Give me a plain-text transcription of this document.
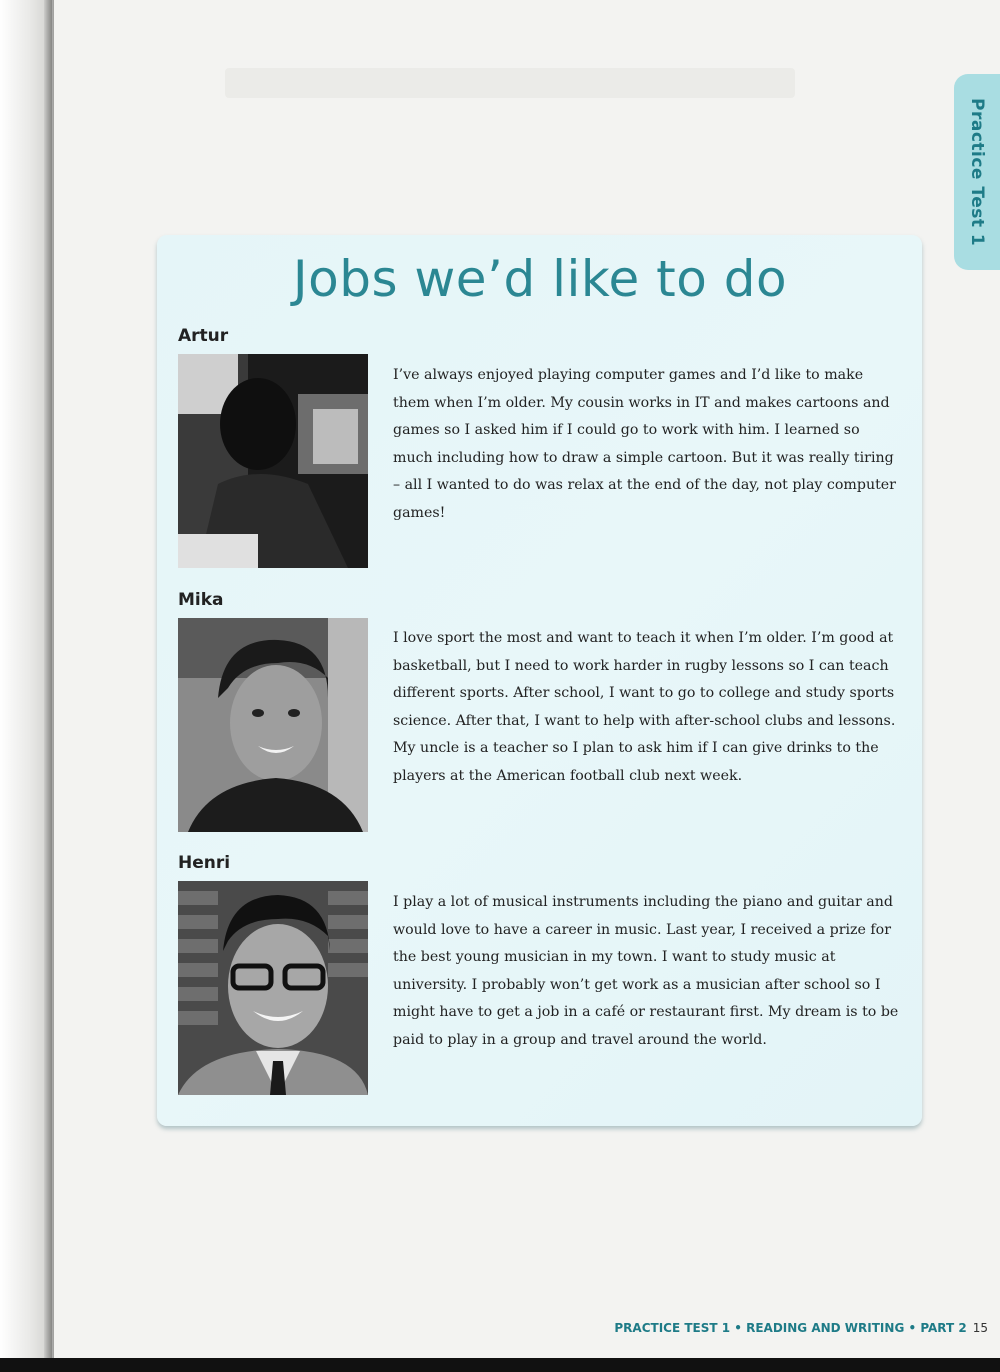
Practice Test 1
Jobs we’d like to do
Artur

I’ve always enjoyed playing computer games and I’d like to make them when I’m older. My cousin works in IT and makes cartoons and games so I asked him if I could go to work with him. I learned so much including how to draw a simple cartoon. But it was really tiring – all I wanted to do was relax at the end of the day, not play computer games!

Mika

I love sport the most and want to teach it when I’m older. I’m good at basketball, but I need to work harder in rugby lessons so I can teach different sports. After school, I want to go to college and study sports science. After that, I want to help with after-school clubs and lessons. My uncle is a teacher so I plan to ask him if I can give drinks to the players at the American football club next week.

Henri

I play a lot of musical instruments including the piano and guitar and would love to have a career in music. Last year, I received a prize for the best young musician in my town. I want to study music at university. I probably won’t get work as a musician after school so I might have to get a job in a café or restaurant first. My dream is to be paid to play in a group and travel around the world.

PRACTICE TEST 1 • READING AND WRITING • PART 2 15
